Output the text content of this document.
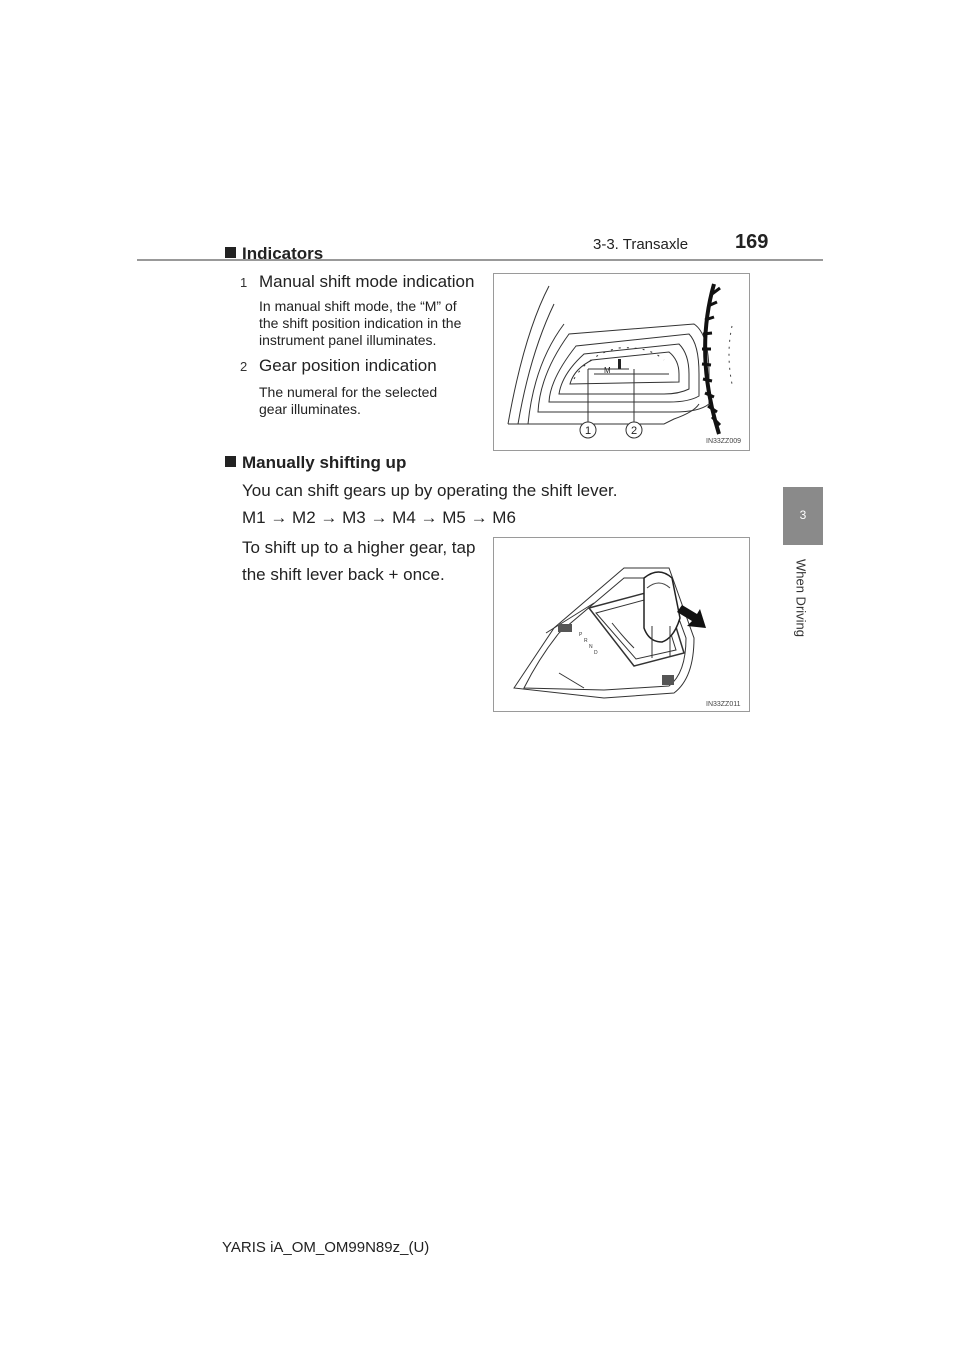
3-3. Transaxle 169
3
When Driving
Indicators
1 Manual shift mode indication
In manual shift mode, the “M” of
the shift position indication in the
instrument panel illuminates.
2 Gear position indication
The numeral for the selected
gear illuminates.
M
1	2
IN33ZZ009
Manually shifting up
You can shift gears up by operating the shift lever.
M1 → M2 → M3 → M4 → M5 → M6
To shift up to a higher gear, tap
the shift lever back + once.
P
R
N
D
IN33ZZ011
YARIS iA_OM_OM99N89z_(U)
